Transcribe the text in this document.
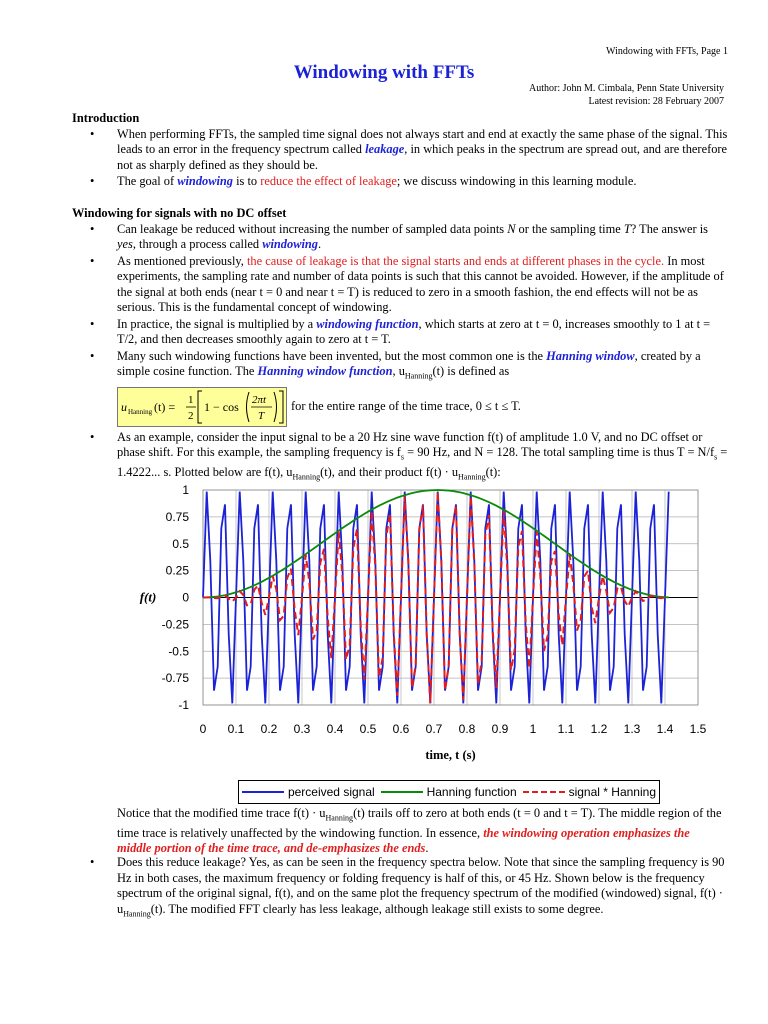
Windowing with FFTs, Page 1
Windowing with FFTs
Author: John M. Cimbala, Penn State University
Latest revision: 28 February 2007

Introduction

• When performing FFTs, the sampled time signal does not always start and end at exactly the same phase of the signal. This leads to an error in the frequency spectrum called leakage, in which peaks in the spectrum are spread out, and are therefore not as sharply defined as they should be.
• The goal of windowing is to reduce the effect of leakage; we discuss windowing in this learning module.

Windowing for signals with no DC offset

• Can leakage be reduced without increasing the number of sampled data points N or the sampling time T? The answer is yes, through a process called windowing.
• As mentioned previously, the cause of leakage is that the signal starts and ends at different phases in the cycle. In most experiments, the sampling rate and number of data points is such that this cannot be avoided. However, if the amplitude of the signal at both ends (near t = 0 and near t = T) is reduced to zero in a smooth fashion, the end effects will not be as serious. This is the fundamental concept of windowing.
• In practice, the signal is multiplied by a windowing function, which starts at zero at t = 0, increases smoothly to 1 at t = T/2, and then decreases smoothly again to zero at t = T.
• Many such windowing functions have been invented, but the most common one is the Hanning window, created by a simple cosine function. The Hanning window function, $u_{Hanning}(t)$ is defined as
u Hanning (t) = 1
2
1 − cos 2πt
T
for the entire range of the time trace, 0 ≤ t ≤ T.
• As an example, consider the input signal to be a 20 Hz sine wave function f(t) of amplitude 1.0 V, and no DC offset or phase shift. For this example, the sampling frequency is $f_s = 90$ Hz, and N = 128. The total sampling time is thus $T = N/f_s = 1.4222$... s. Plotted below are f(t), $u_{Hanning}(t)$, and their product $f(t) \cdot u_{Hanning}(t)$:
1
0.75
0.5
0.25
0
-0.25
-0.5
-0.75
-1
0 0.1 0.2 0.3 0.4 0.5 0.6 0.7 0.8 0.9 1 1.1 1.2 1.3 1.4 1.5
time, t (s)
f(t)
perceived signal	Hanning function	signal * Hanning
Notice that the modified time trace $f(t) \cdot u_{Hanning}(t)$ trails off to zero at both ends (t = 0 and t = T). The middle region of the time trace is relatively unaffected by the windowing function. In essence, the windowing operation emphasizes the middle portion of the time trace, and de-emphasizes the ends.
• Does this reduce leakage? Yes, as can be seen in the frequency spectra below. Note that since the sampling frequency is 90 Hz in both cases, the maximum frequency or folding frequency is half of this, or 45 Hz. Shown below is the frequency spectrum of the original signal, f(t), and on the same plot the frequency spectrum of the modified (windowed) signal, $f(t) \cdot u_{Hanning}(t)$. The modified FFT clearly has less leakage, although leakage still exists to some degree.
